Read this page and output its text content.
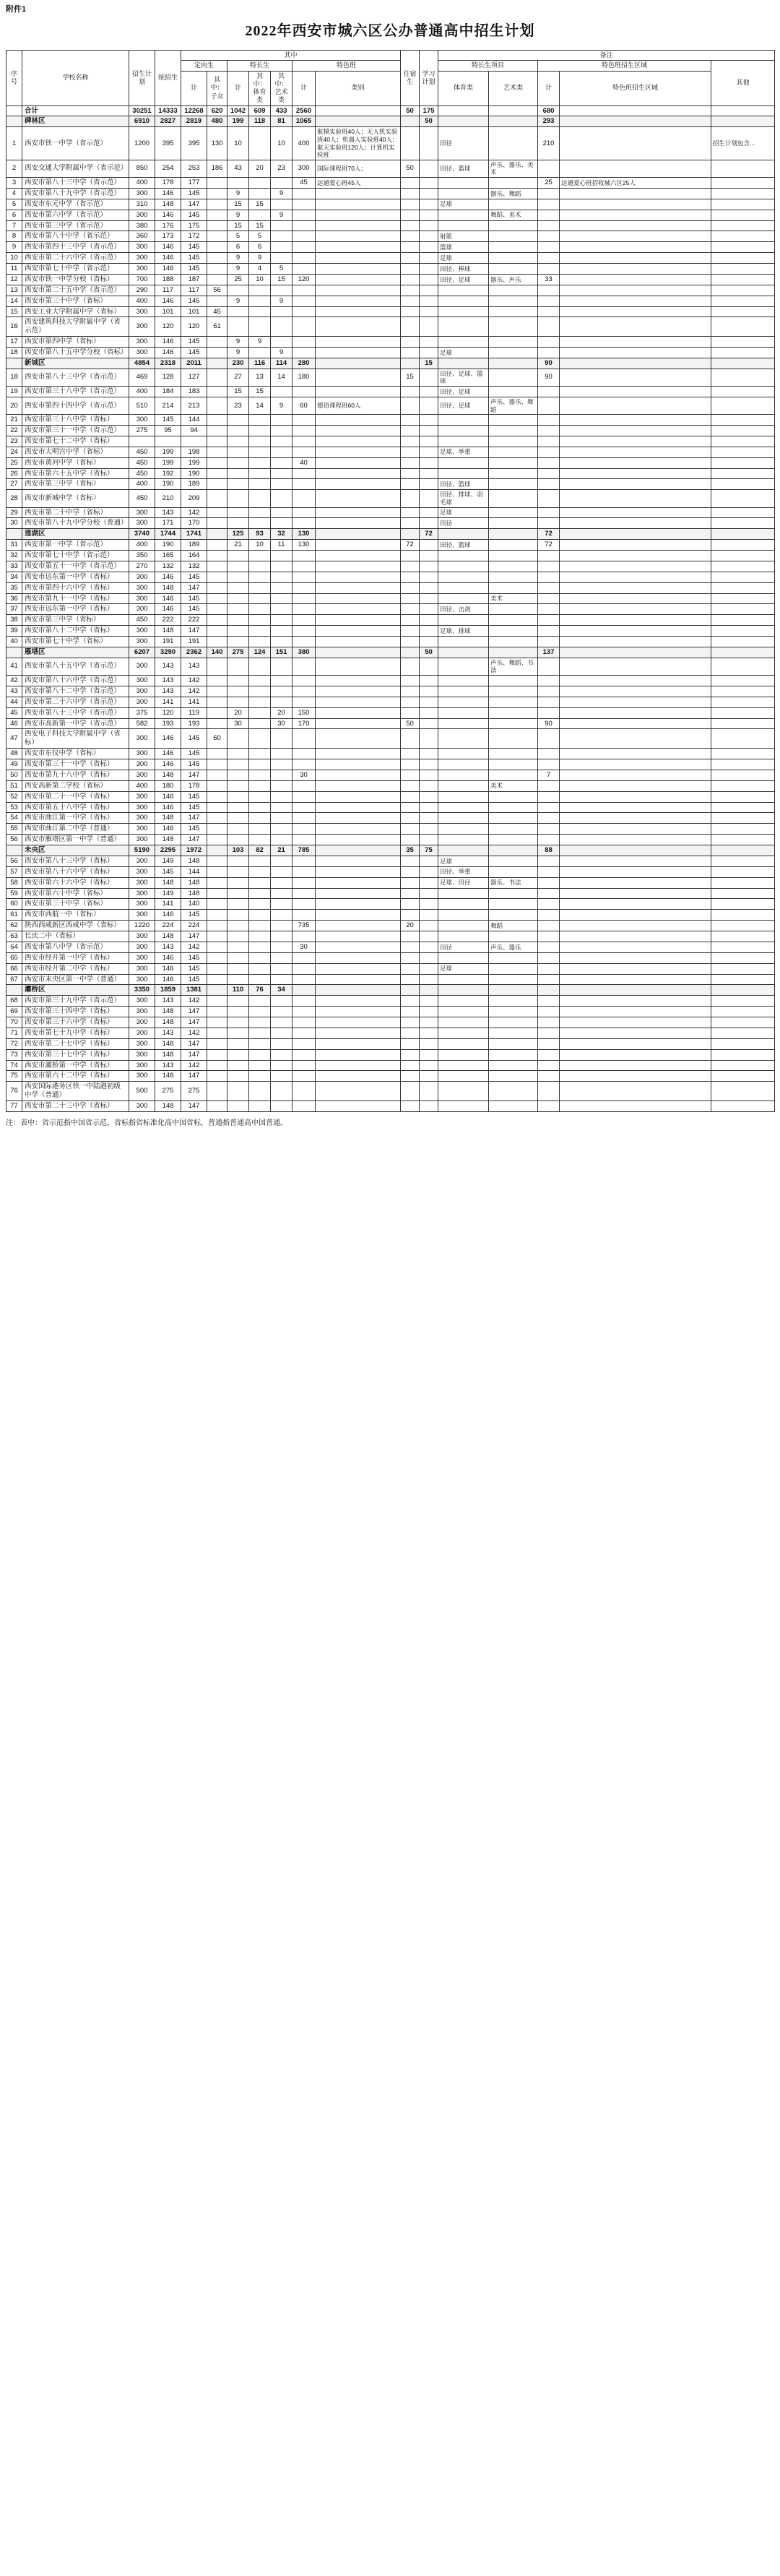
附件1
2022年西安市城六区公办普通高中招生计划
序号	学校名称	招生计划	统招生	其中							住宿生	学习计划	备注				
				定向生		特长生			特色班				特长生项目		特色班招生区域		其他
				计	其中：子女	计	其中：体育类	其中：艺术类	计	类别			体育类	艺术类	计	特色班招生区域	
	合计	30251	14333	12268	620	1042	609	433	2560		50	175			680		
	碑林区	6910	2827	2819	480	199	118	81	1065			50			293		
1	西安市铁一中学（省示范）	1200	395	395	130	10		10	400	航模实验班40人；无人机实验班40人；机器人实验班40人；航天实验班120人；计算机实验班			田径		210		招生计划包含...
2	西安交通大学附属中学（省示范）	850	254	253	186	43	20	23	300	国际课程班70人；	50		田径、篮球	声乐、器乐、美术			
3	西安市第八十三中学（省示范）	400	178	177					45	远通爱心班45人					25	远通爱心班招收城六区25人	
4	西安市第八十九中学（省示范）	300	146	145		9		9						器乐、舞蹈			
5	西安市东元中学（省示范）	310	148	147		15	15						足球				
6	西安市第六中学（省示范）	300	146	145		9		9						舞蹈、美术			
7	西安市第三中学（省示范）	380	176	175		15	15										
8	西安市第八十中学（省示范）	360	173	172		5	5						射箭				
9	西安市第四十三中学（省示范）	300	146	145		6	6						篮球				
10	西安市第二十六中学（省示范）	300	146	145		9	9						足球				
11	西安市第七十中学（省示范）	300	146	145		9	4	5					田径、棒球				
12	西安市铁一中学分校（省标）	700	188	187		25	10	15	120				田径、足球	器乐、声乐	33		
13	西安市第二十五中学（省示范）	290	117	117	56												
14	西安市第三十中学（省标）	400	146	145		9		9									
15	西安工业大学附属中学（省标）	300	101	101	45												
16	西安建筑科技大学附属中学（省示范）	300	120	120	61												
17	西安市第四中学（省标）	300	146	145		9	9										
18	西安市第八十五中学分校（省标）	300	146	145		9		9					足球				
	新城区	4854	2318	2011		230	116	114	280			15			90		
18	西安市第八十三中学（省示范）	469	128	127		27	13	14	180		15		田径、足球、篮球		90		
19	西安市第三十八中学（省示范）	400	184	183		15	15						田径、足球				
20	西安市第四十四中学（省示范）	510	214	213		23	14	9	60	德语课程班60人			田径、足球	声乐、器乐、舞蹈			
21	西安市第三十八中学（省标）	300	145	144													
22	西安市第三十一中学（省示范）	275	95	94													
23	西安市第七十二中学（省标）																
24	西安市大明宫中学（省标）	450	199	198									足球、举重				
25	西安市黄河中学（省标）	450	199	199					40								
26	西安市第六十五中学（省标）	450	192	190													
27	西安市第三中学（省标）	400	190	189									田径、篮球				
28	西安市新城中学（省标）	450	210	209									田径、排球、羽毛球				
29	西安市第二十中学（省标）	300	143	142									足球				
30	西安市第八十九中学分校（普通）	300	171	170									田径				
	莲湖区	3740	1744	1741		125	93	32	130			72			72		
31	西安市第一中学（省示范）	400	190	189		21	10	11	130		72		田径、篮球		72		
32	西安市第七十中学（省示范）	350	165	164													
33	西安市第五十一中学（省示范）	270	132	132													
34	西安市远东第一中学（省标）	300	146	145													
35	西安市第四十六中学（省标）	300	148	147													
36	西安市第九十一中学（省标）	300	146	145										美术			
37	西安市远东第一中学（省标）	300	146	145									田径、击剑				
38	西安市第三中学（省标）	450	222	222													
39	西安市第八十二中学（省标）	300	148	147									足球、排球				
40	西安市第七十中学（省标）	300	191	191													
	雁塔区	6207	3290	2362	140	275	124	151	380			50			137		
41	西安市第八十五中学（省示范）	300	143	143										声乐、舞蹈、书法			
42	西安市第八十六中学（省示范）	300	143	142													
43	西安市第八十二中学（省示范）	300	143	142													
44	西安市第二十六中学（省示范）	300	141	141													
45	西安市第八十三中学（省示范）	375	120	119		20		20	150								
46	西安市高新第一中学（省示范）	582	193	193		30		30	170		50				90		
47	西安电子科技大学附属中学（省标）	300	146	145	60												
48	西安市东仪中学（省标）	300	146	145													
49	西安市第三十一中学（省标）	300	146	145													
50	西安市第九十八中学（省标）	300	148	147					30						7		
51	西安高新第二学校（省标）	400	180	178										美术			
52	西安市第二十一中学（省标）	300	146	145													
53	西安市第五十八中学（省标）	300	146	145													
54	西安市曲江第一中学（省标）	300	148	147													
55	西安市曲江第二中学（普通）	300	146	145													
56	西安市雁塔区第一中学（普通）	300	148	147													
	未央区	5190	2295	1972		103	82	21	785		35	75			88		
56	西安市第八十三中学（省标）	300	149	148									足球				
57	西安市第八十六中学（省标）	300	145	144									田径、举重				
58	西安市第六十六中学（省标）	300	148	148									足球、田径	器乐、书法			
59	西安市第六十中学（省标）	300	149	148													
60	西安市第三十中学（省标）	300	141	140													
61	西安市西航一中（省标）	300	146	145													
62	陕西西咸新区西咸中学（省标）	1220	224	224					735		20			舞蹈			
63	长庆二中（省标）	300	148	147													
64	西安市第八中学（省示范）	300	143	142					30				田径	声乐、器乐			
65	西安市经开第一中学（省标）	300	146	145													
66	西安市经开第二中学（省标）	300	146	145									足球				
67	西安市未央区第一中学（普通）	300	146	145													
	灞桥区	3350	1859	1381		110	76	34									
68	西安市第三十九中学（省示范）	300	143	142													
69	西安市第三十四中学（省标）	300	148	147													
70	西安市第三十六中学（省标）	300	148	147													
71	西安市第七十九中学（省标）	300	143	142													
72	西安市第二十七中学（省标）	300	148	147													
73	西安市第三十七中学（省标）	300	148	147													
74	西安市灞桥第一中学（省标）	300	143	142													
75	西安市第六十二中学（省标）	300	148	147													
76	西安国际港务区铁一中陆港初级中学（普通）	500	275	275													
77	西安市第二十三中学（省标）	300	148	147													
注：表中：省示范指中国省示范，省标指省标准化高中国省标，普通指普通高中国普通。
